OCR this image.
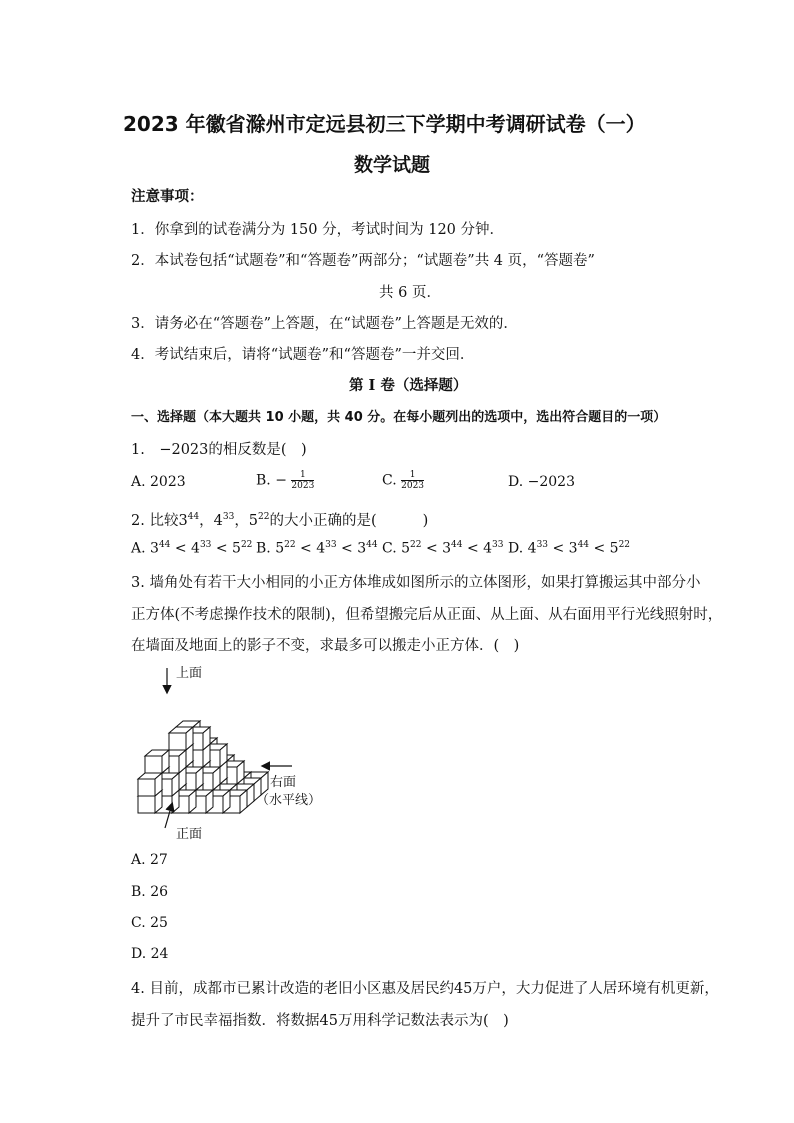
2023 年徽省滁州市定远县初三下学期中考调研试卷（一）
数学试题
注意事项：
1．你拿到的试卷满分为 150 分，考试时间为 120 分钟．
2．本试卷包括“试题卷”和“答题卷”两部分；“试题卷”共 4 页，“答题卷”
共 6 页．
3．请务必在“答题卷”上答题，在“试题卷”上答题是无效的．
4．考试结束后，请将“试题卷”和“答题卷”一并交回．
第 I 卷（选择题）
一、选择题（本大题共 10 小题，共 40 分。在每小题列出的选项中，选出符合题目的一项）
1.　−2023的相反数是(　)
A. 2023	B. − $\frac{1}{2023}$	C. $\frac{1}{2023}$	D. −2023
2. 比较$3^{44}$，$4^{33}$，$5^{22}$的大小正确的是(	)
A. $3^{44} < 4^{33} < 5^{22}$ B. $5^{22} < 4^{33} < 3^{44}$ C. $5^{22} < 3^{44} < 4^{33}$ D. $4^{33} < 3^{44} < 5^{22}$
3. 墙角处有若干大小相同的小正方体堆成如图所示的立体图形，如果打算搬运其中部分小
正方体(不考虑操作技术的限制)，但希望搬完后从正面、从上面、从右面用平行光线照射时，
在墙面及地面上的影子不变，求最多可以搬走小正方体．(　)
上面
右面
（水平线）
正面
A. 27
B. 26
C. 25
D. 24
4. 目前，成都市已累计改造的老旧小区惠及居民约45万户，大力促进了人居环境有机更新，
提升了市民幸福指数．将数据45万用科学记数法表示为(　)
